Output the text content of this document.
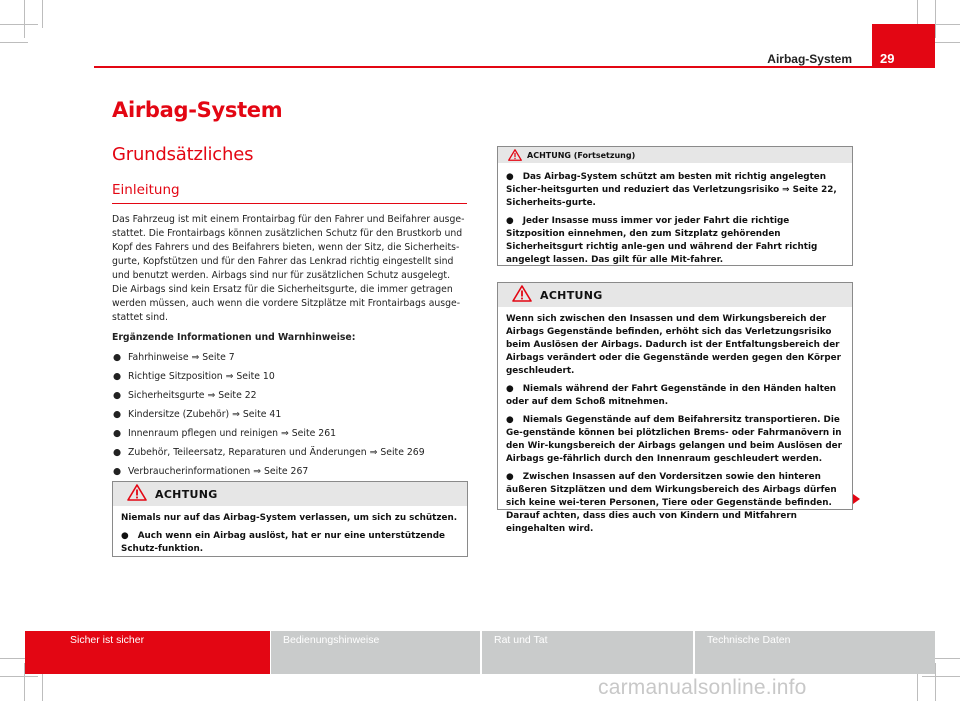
Airbag-System	29
Airbag-System
Grundsätzliches
Einleitung

Das Fahrzeug ist mit einem Frontairbag für den Fahrer und Beifahrer ausge-stattet. Die Frontairbags können zusätzlichen Schutz für den Brustkorb und Kopf des Fahrers und des Beifahrers bieten, wenn der Sitz, die Sicherheits-gurte, Kopfstützen und für den Fahrer das Lenkrad richtig eingestellt sind und benutzt werden. Airbags sind nur für zusätzlichen Schutz ausgelegt. Die Airbags sind kein Ersatz für die Sicherheitsgurte, die immer getragen werden müssen, auch wenn die vordere Sitzplätze mit Frontairbags ausge-stattet sind.

Ergänzende Informationen und Warnhinweise:

● Fahrhinweise ⇒ Seite 7
● Richtige Sitzposition ⇒ Seite 10
● Sicherheitsgurte ⇒ Seite 22
● Kindersitze (Zubehör) ⇒ Seite 41
● Innenraum pflegen und reinigen ⇒ Seite 261
● Zubehör, Teileersatz, Reparaturen und Änderungen ⇒ Seite 269
● Verbraucherinformationen ⇒ Seite 267
ACHTUNG

Niemals nur auf das Airbag-System verlassen, um sich zu schützen.

● Auch wenn ein Airbag auslöst, hat er nur eine unterstützende Schutz-funktion.

ACHTUNG (Fortsetzung)

● Das Airbag-System schützt am besten mit richtig angelegten Sicher-heitsgurten und reduziert das Verletzungsrisiko ⇒ Seite 22, Sicherheits-gurte.

● Jeder Insasse muss immer vor jeder Fahrt die richtige Sitzposition einnehmen, den zum Sitzplatz gehörenden Sicherheitsgurt richtig anle-gen und während der Fahrt richtig angelegt lassen. Das gilt für alle Mit-fahrer.

ACHTUNG

Wenn sich zwischen den Insassen und dem Wirkungsbereich der Airbags Gegenstände befinden, erhöht sich das Verletzungsrisiko beim Auslösen der Airbags. Dadurch ist der Entfaltungsbereich der Airbags verändert oder die Gegenstände werden gegen den Körper geschleudert.

● Niemals während der Fahrt Gegenstände in den Händen halten oder auf dem Schoß mitnehmen.

● Niemals Gegenstände auf dem Beifahrersitz transportieren. Die Ge-genstände können bei plötzlichen Brems- oder Fahrmanövern in den Wir-kungsbereich der Airbags gelangen und beim Auslösen der Airbags ge-fährlich durch den Innenraum geschleudert werden.

● Zwischen Insassen auf den Vordersitzen sowie den hinteren äußeren Sitzplätzen und dem Wirkungsbereich des Airbags dürfen sich keine wei-teren Personen, Tiere oder Gegenstände befinden. Darauf achten, dass dies auch von Kindern und Mitfahrern eingehalten wird.

Sicher ist sicher	Bedienungshinweise	Rat und Tat	Technische Daten
carmanualsonline.info
